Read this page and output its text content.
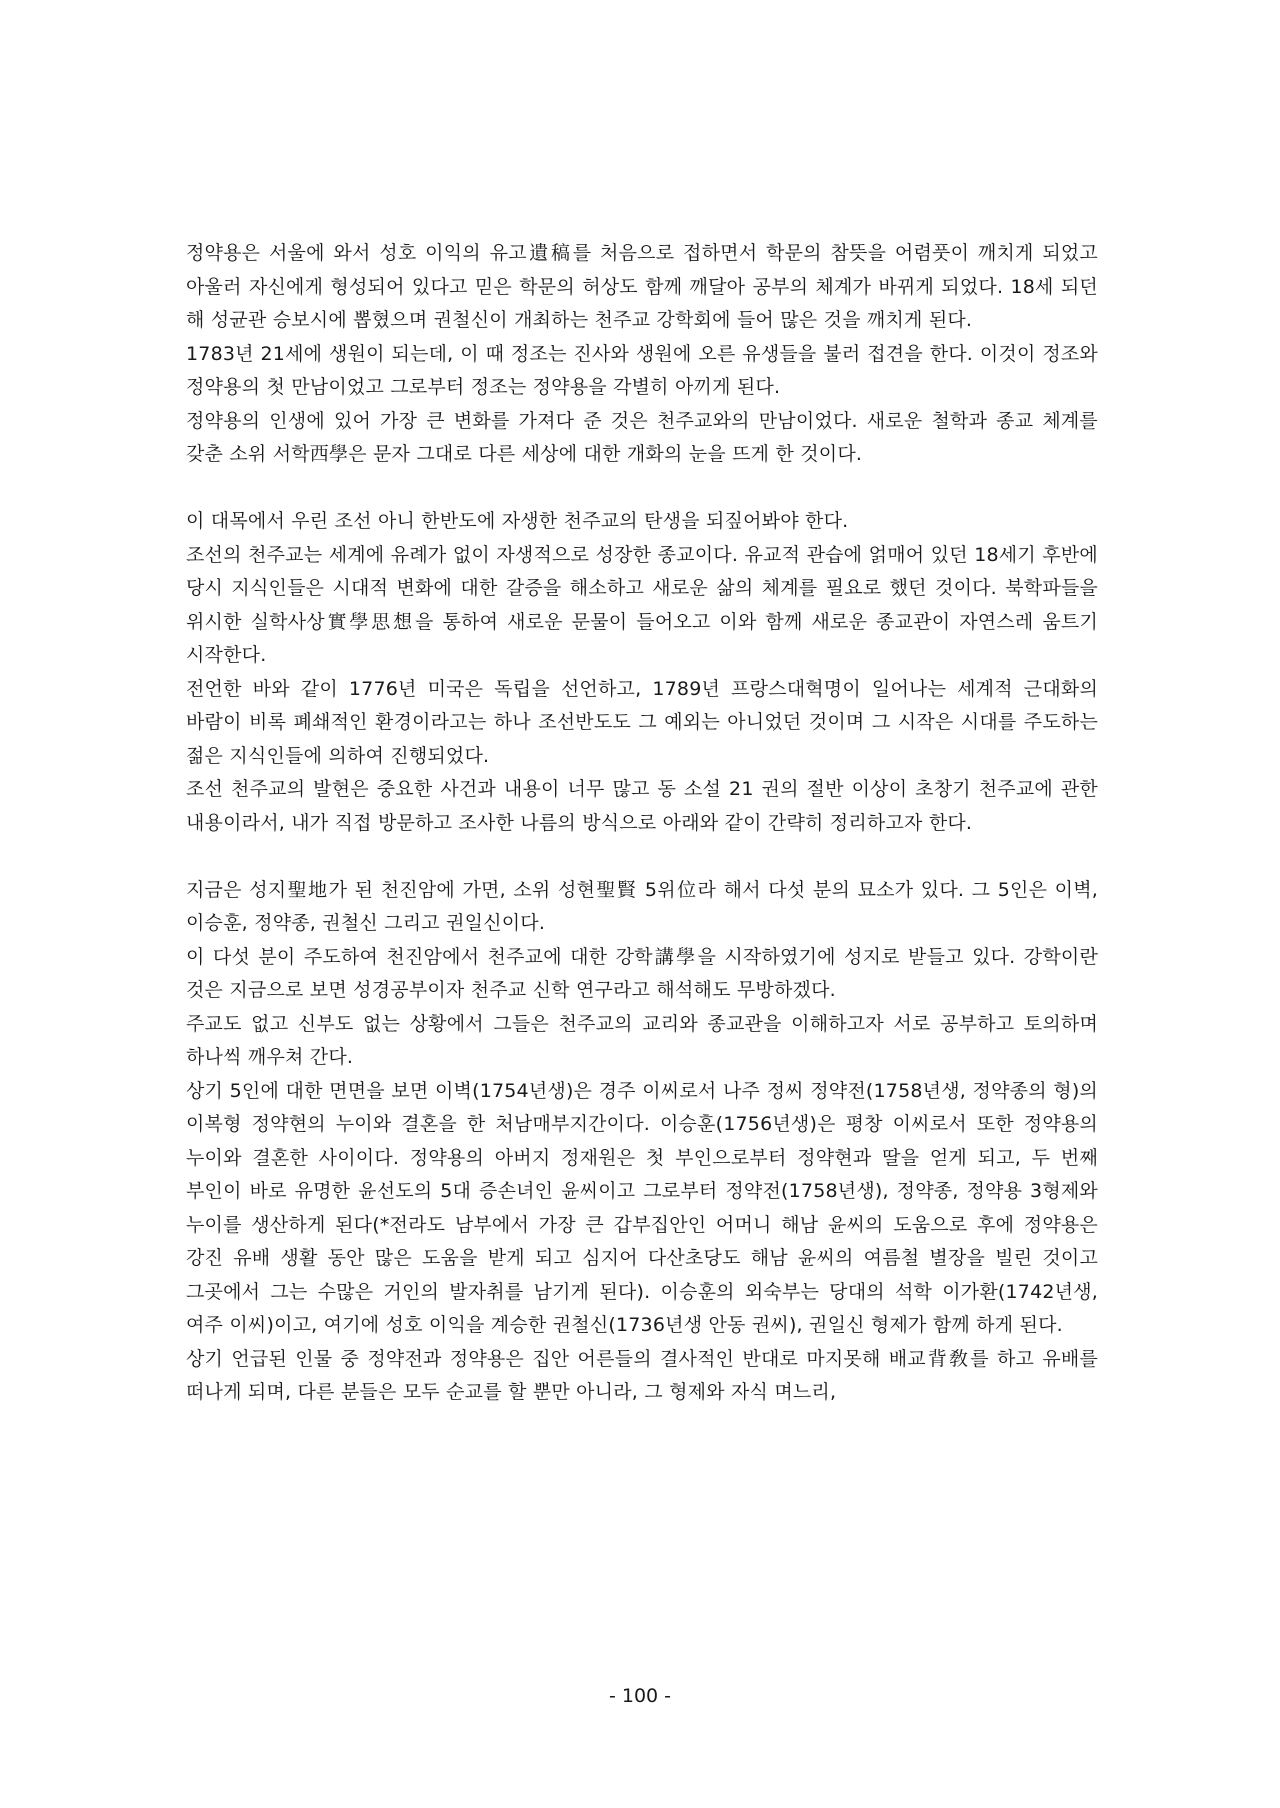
정약용은 서울에 와서 성호 이익의 유고遺稿를 처음으로 접하면서 학문의 참뜻을 어렴풋이 깨치게 되었고 아울러 자신에게 형성되어 있다고 믿은 학문의 허상도 함께 깨달아 공부의 체계가 바뀌게 되었다. 18세 되던 해 성균관 승보시에 뽑혔으며 권철신이 개최하는 천주교 강학회에 들어 많은 것을 깨치게 된다.

1783년 21세에 생원이 되는데, 이 때 정조는 진사와 생원에 오른 유생들을 불러 접견을 한다. 이것이 정조와 정약용의 첫 만남이었고 그로부터 정조는 정약용을 각별히 아끼게 된다.

정약용의 인생에 있어 가장 큰 변화를 가져다 준 것은 천주교와의 만남이었다. 새로운 철학과 종교 체계를 갖춘 소위 서학西學은 문자 그대로 다른 세상에 대한 개화의 눈을 뜨게 한 것이다.

이 대목에서 우린 조선 아니 한반도에 자생한 천주교의 탄생을 되짚어봐야 한다.

조선의 천주교는 세계에 유례가 없이 자생적으로 성장한 종교이다. 유교적 관습에 얽매어 있던 18세기 후반에 당시 지식인들은 시대적 변화에 대한 갈증을 해소하고 새로운 삶의 체계를 필요로 했던 것이다. 북학파들을 위시한 실학사상實學思想을 통하여 새로운 문물이 들어오고 이와 함께 새로운 종교관이 자연스레 움트기 시작한다.

전언한 바와 같이 1776년 미국은 독립을 선언하고, 1789년 프랑스대혁명이 일어나는 세계적 근대화의 바람이 비록 폐쇄적인 환경이라고는 하나 조선반도도 그 예외는 아니었던 것이며 그 시작은 시대를 주도하는 젊은 지식인들에 의하여 진행되었다.

조선 천주교의 발현은 중요한 사건과 내용이 너무 많고 동 소설 21 권의 절반 이상이 초창기 천주교에 관한 내용이라서, 내가 직접 방문하고 조사한 나름의 방식으로 아래와 같이 간략히 정리하고자 한다.

지금은 성지聖地가 된 천진암에 가면, 소위 성현聖賢 5위位라 해서 다섯 분의 묘소가 있다. 그 5인은 이벽, 이승훈, 정약종, 권철신 그리고 권일신이다.

이 다섯 분이 주도하여 천진암에서 천주교에 대한 강학講學을 시작하였기에 성지로 받들고 있다. 강학이란 것은 지금으로 보면 성경공부이자 천주교 신학 연구라고 해석해도 무방하겠다.

주교도 없고 신부도 없는 상황에서 그들은 천주교의 교리와 종교관을 이해하고자 서로 공부하고 토의하며 하나씩 깨우쳐 간다.

상기 5인에 대한 면면을 보면 이벽(1754년생)은 경주 이씨로서 나주 정씨 정약전(1758년생, 정약종의 형)의 이복형 정약현의 누이와 결혼을 한 처남매부지간이다. 이승훈(1756년생)은 평창 이씨로서 또한 정약용의 누이와 결혼한 사이이다. 정약용의 아버지 정재원은 첫 부인으로부터 정약현과 딸을 얻게 되고, 두 번째 부인이 바로 유명한 윤선도의 5대 증손녀인 윤씨이고 그로부터 정약전(1758년생), 정약종, 정약용 3형제와 누이를 생산하게 된다(*전라도 남부에서 가장 큰 갑부집안인 어머니 해남 윤씨의 도움으로 후에 정약용은 강진 유배 생활 동안 많은 도움을 받게 되고 심지어 다산초당도 해남 윤씨의 여름철 별장을 빌린 것이고 그곳에서 그는 수많은 거인의 발자취를 남기게 된다). 이승훈의 외숙부는 당대의 석학 이가환(1742년생, 여주 이씨)이고, 여기에 성호 이익을 계승한 권철신(1736년생 안동 권씨), 권일신 형제가 함께 하게 된다.

상기 언급된 인물 중 정약전과 정약용은 집안 어른들의 결사적인 반대로 마지못해 배교背敎를 하고 유배를 떠나게 되며, 다른 분들은 모두 순교를 할 뿐만 아니라, 그 형제와 자식 며느리,

- 100 -
